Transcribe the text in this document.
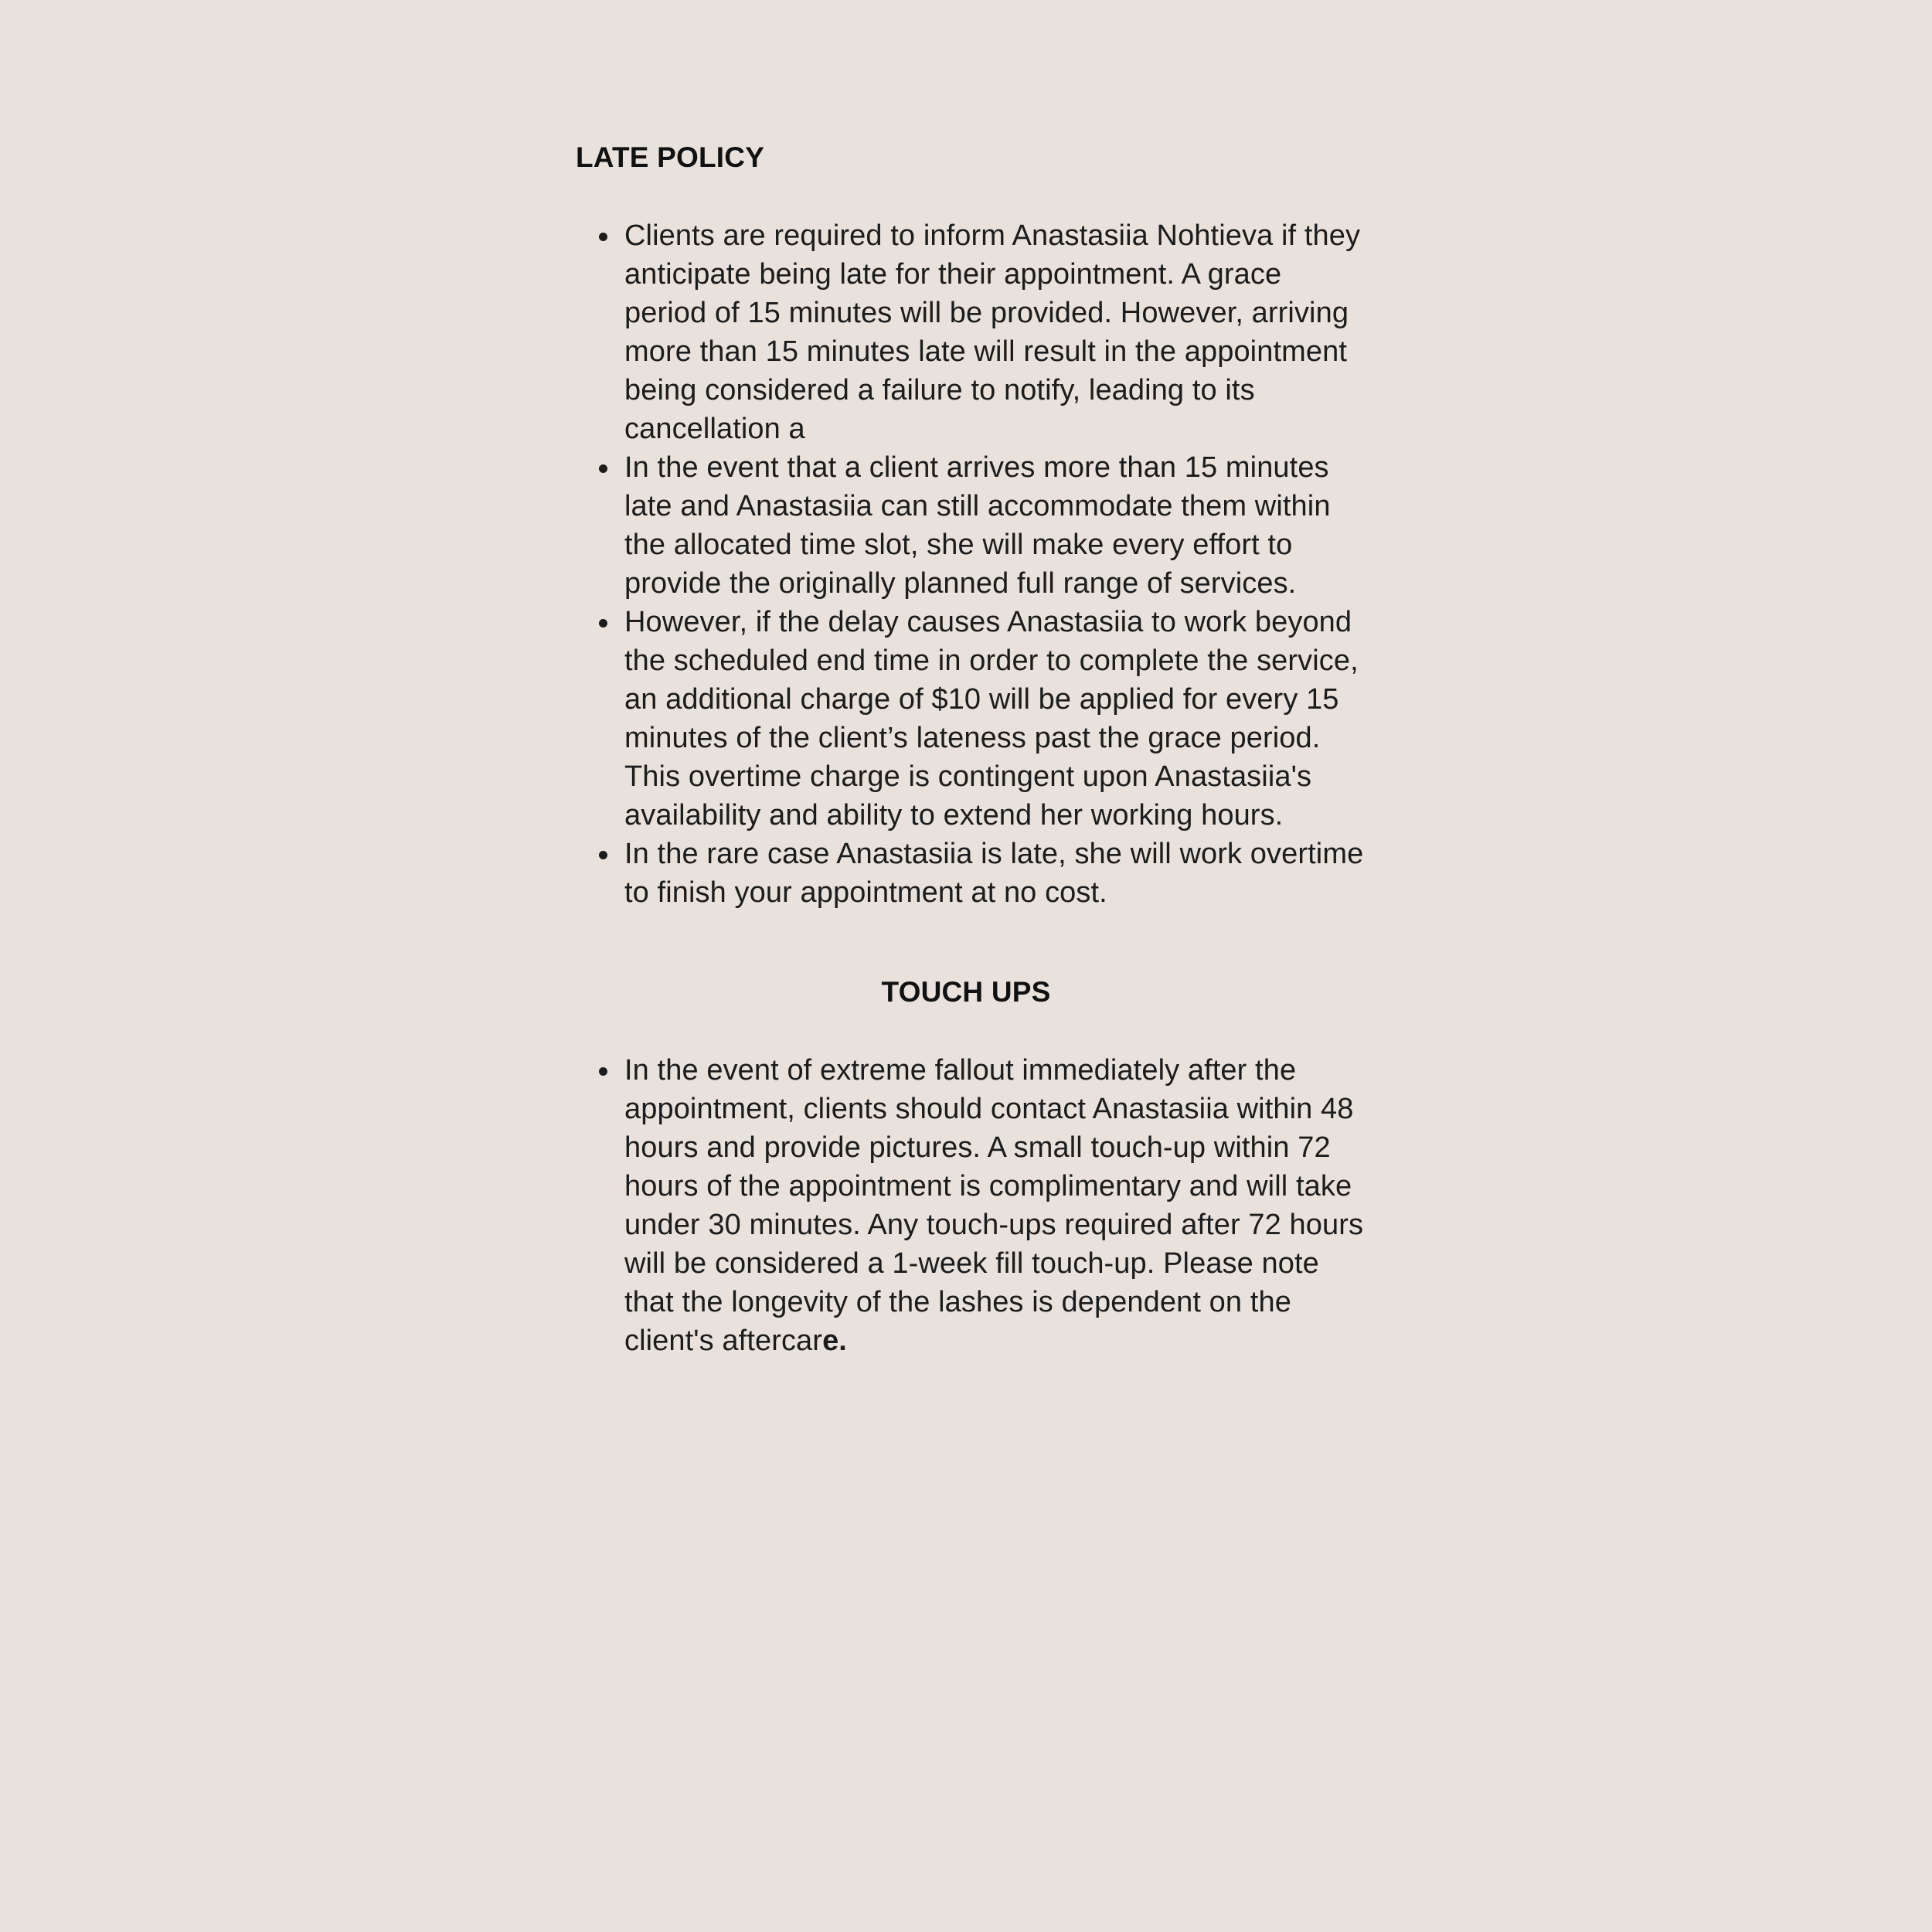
LATE POLICY
Clients are required to inform Anastasiia Nohtieva if they anticipate being late for their appointment. A grace period of 15 minutes will be provided. However, arriving more than 15 minutes late will result in the appointment being considered a failure to notify, leading to its cancellation a
In the event that a client arrives more than 15 minutes late and Anastasiia can still accommodate them within the allocated time slot, she will make every effort to provide the originally planned full range of services.
However, if the delay causes Anastasiia to work beyond the scheduled end time in order to complete the service, an additional charge of $10 will be applied for every 15 minutes of the client’s lateness past the grace period. This overtime charge is contingent upon Anastasiia's availability and ability to extend her working hours.
In the rare case Anastasiia is late, she will work overtime to finish your appointment at no cost.
TOUCH UPS
In the event of extreme fallout immediately after the appointment, clients should contact Anastasiia within 48 hours and provide pictures. A small touch-up within 72 hours of the appointment is complimentary and will take under 30 minutes. Any touch-ups required after 72 hours will be considered a 1-week fill touch-up. Please note that the longevity of the lashes is dependent on the client's aftercare.
